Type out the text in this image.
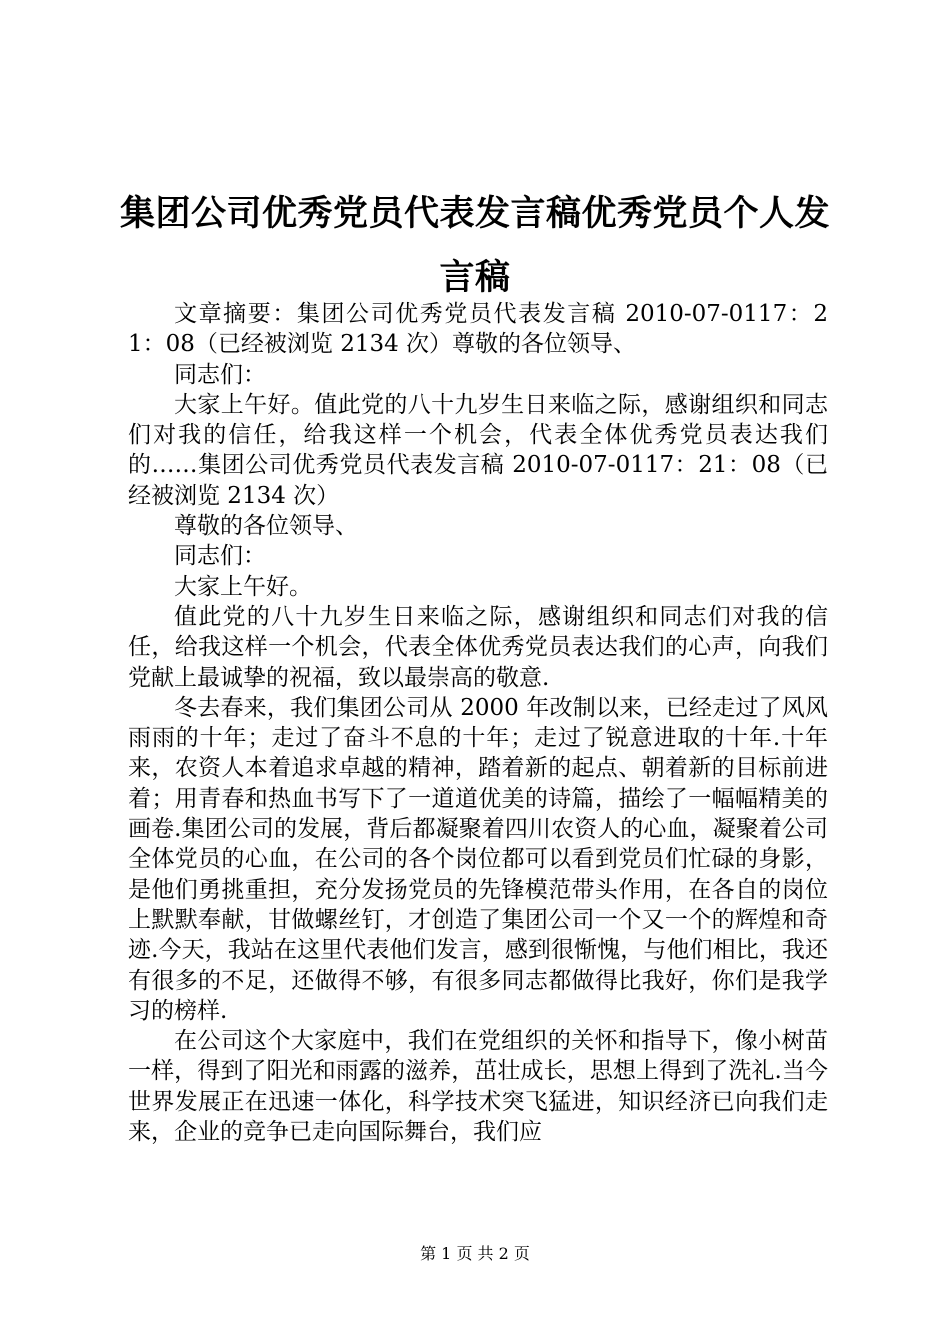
集团公司优秀党员代表发言稿优秀党员个人发言稿

文章摘要：集团公司优秀党员代表发言稿 2010-07-0117：21：08（已经被浏览 2134 次）尊敬的各位领导、

同志们：

大家上午好。值此党的八十九岁生日来临之际，感谢组织和同志们对我的信任，给我这样一个机会，代表全体优秀党员表达我们的……集团公司优秀党员代表发言稿 2010-07-0117：21：08（已经被浏览 2134 次）

尊敬的各位领导、

同志们：

大家上午好。

值此党的八十九岁生日来临之际，感谢组织和同志们对我的信任，给我这样一个机会，代表全体优秀党员表达我们的心声，向我们党献上最诚挚的祝福，致以最崇高的敬意.

冬去春来，我们集团公司从 2000 年改制以来，已经走过了风风雨雨的十年；走过了奋斗不息的十年；走过了锐意进取的十年.十年来，农资人本着追求卓越的精神，踏着新的起点、朝着新的目标前进着；用青春和热血书写下了一道道优美的诗篇，描绘了一幅幅精美的画卷.集团公司的发展，背后都凝聚着四川农资人的心血，凝聚着公司全体党员的心血，在公司的各个岗位都可以看到党员们忙碌的身影，是他们勇挑重担，充分发扬党员的先锋模范带头作用，在各自的岗位上默默奉献，甘做螺丝钉，才创造了集团公司一个又一个的辉煌和奇迹.今天，我站在这里代表他们发言，感到很惭愧，与他们相比，我还有很多的不足，还做得不够，有很多同志都做得比我好，你们是我学习的榜样.

在公司这个大家庭中，我们在党组织的关怀和指导下，像小树苗一样，得到了阳光和雨露的滋养，茁壮成长，思想上得到了洗礼.当今世界发展正在迅速一体化，科学技术突飞猛进，知识经济已向我们走来，企业的竞争已走向国际舞台，我们应

第 1 页 共 2 页
